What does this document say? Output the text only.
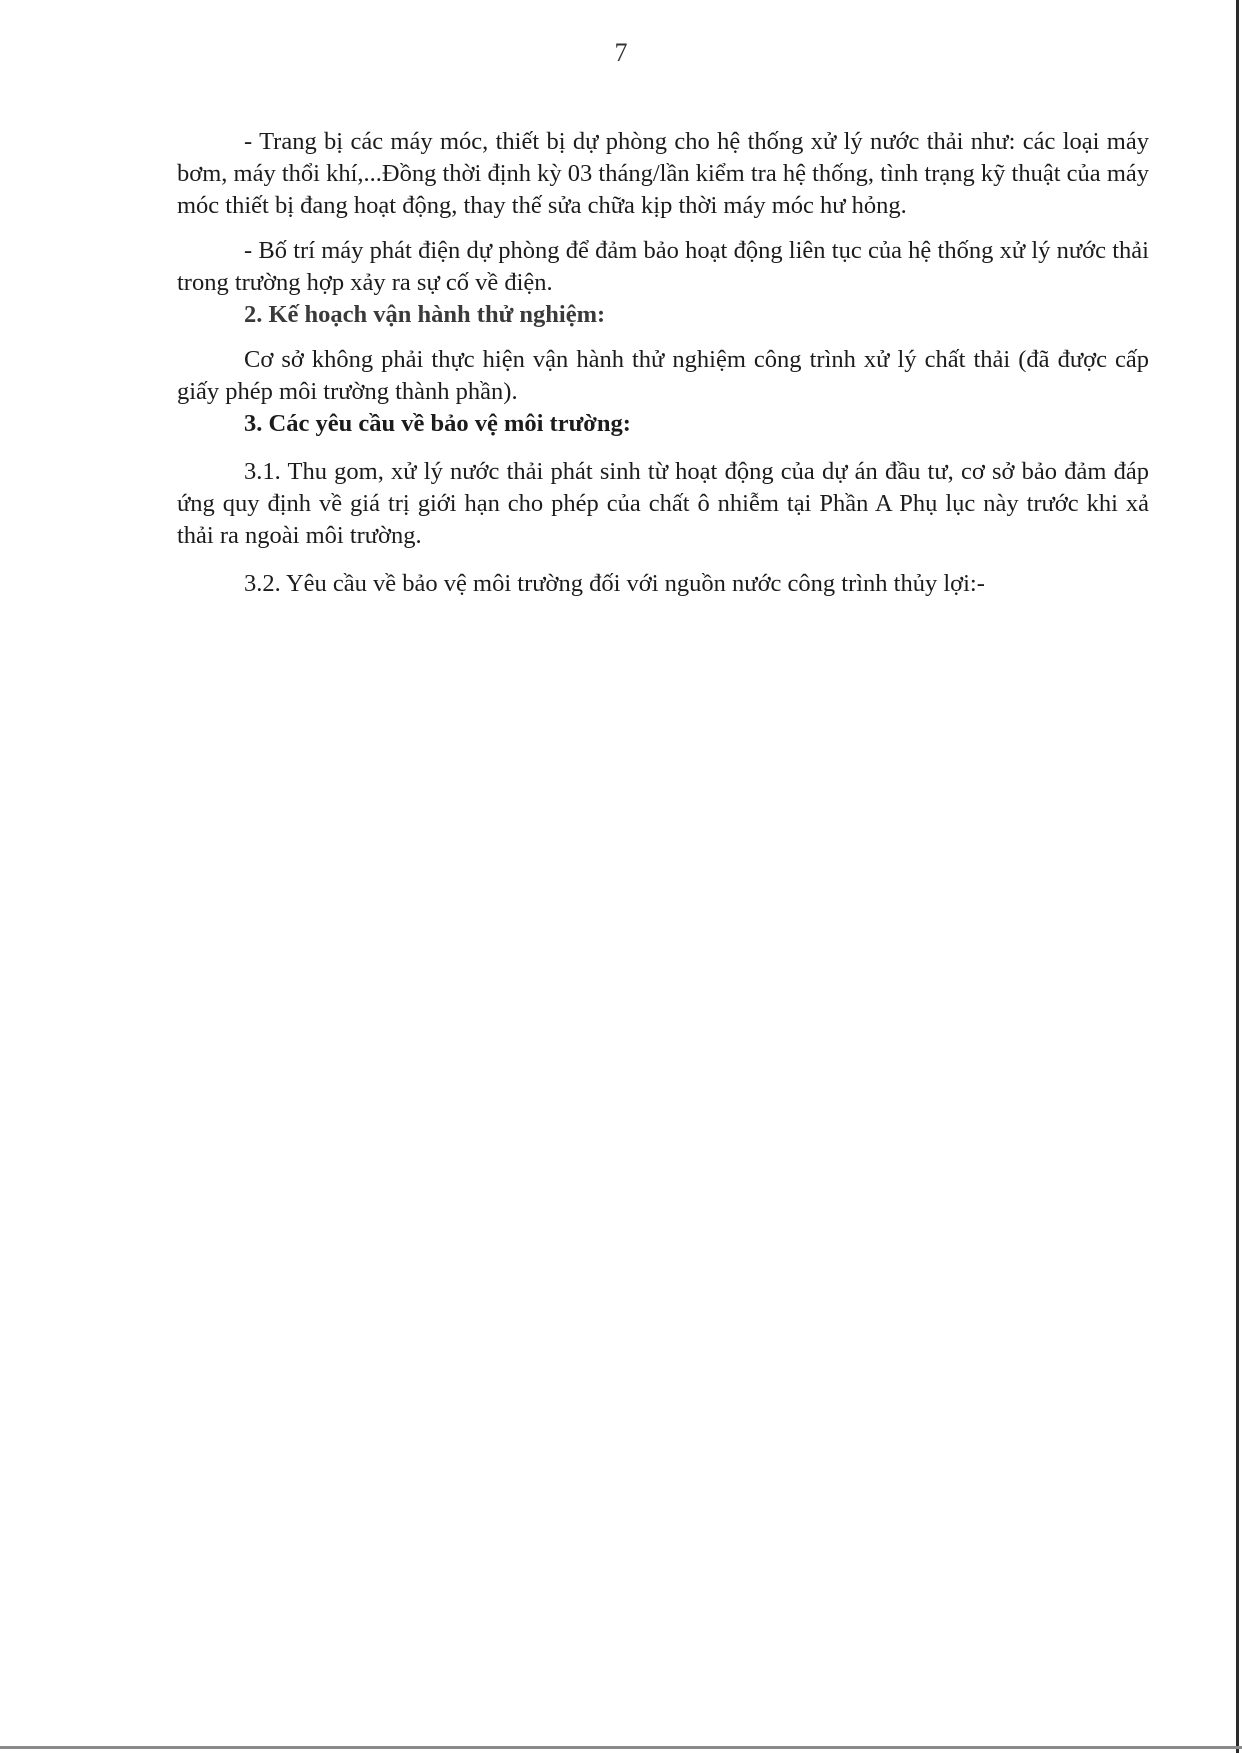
7

- Trang bị các máy móc, thiết bị dự phòng cho hệ thống xử lý nước thải như: các loại máy bơm, máy thổi khí,...Đồng thời định kỳ 03 tháng/lần kiểm tra hệ thống, tình trạng kỹ thuật của máy móc thiết bị đang hoạt động, thay thế sửa chữa kịp thời máy móc hư hỏng.

- Bố trí máy phát điện dự phòng để đảm bảo hoạt động liên tục của hệ thống xử lý nước thải trong trường hợp xảy ra sự cố về điện.

2. Kế hoạch vận hành thử nghiệm:

Cơ sở không phải thực hiện vận hành thử nghiệm công trình xử lý chất thải (đã được cấp giấy phép môi trường thành phần).

3. Các yêu cầu về bảo vệ môi trường:

3.1. Thu gom, xử lý nước thải phát sinh từ hoạt động của dự án đầu tư, cơ sở bảo đảm đáp ứng quy định về giá trị giới hạn cho phép của chất ô nhiễm tại Phần A Phụ lục này trước khi xả thải ra ngoài môi trường.

3.2. Yêu cầu về bảo vệ môi trường đối với nguồn nước công trình thủy lợi:-
